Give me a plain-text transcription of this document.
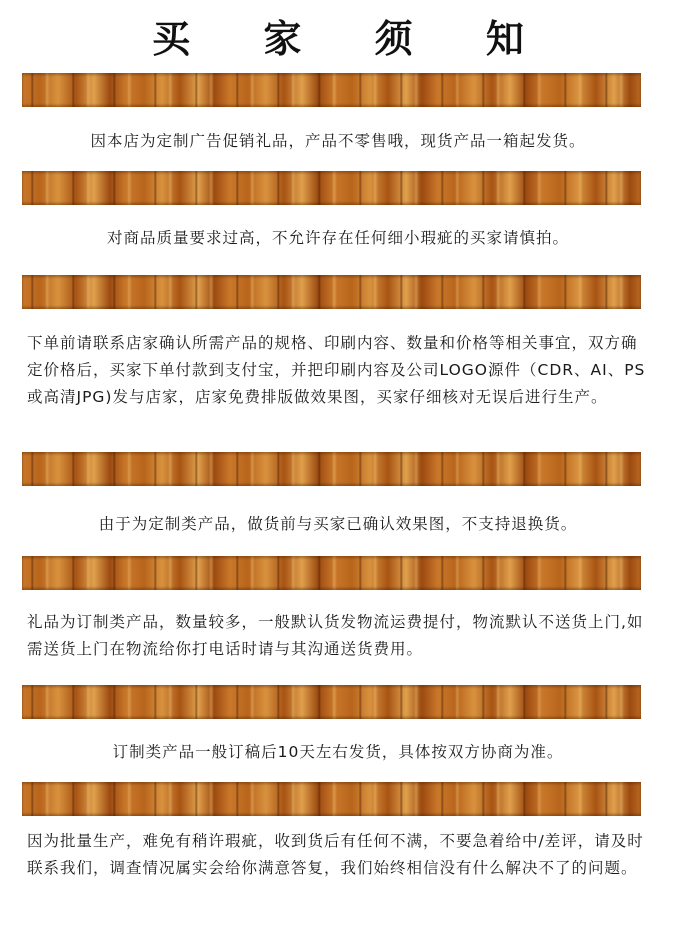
买 家 须 知
因本店为定制广告促销礼品，产品不零售哦，现货产品一箱起发货。
对商品质量要求过高，不允许存在任何细小瑕疵的买家请慎拍。
下单前请联系店家确认所需产品的规格、印刷内容、数量和价格等相关事宜，双方确定价格后，买家下单付款到支付宝，并把印刷内容及公司LOGO源件（CDR、AI、PS或高清JPG)发与店家，店家免费排版做效果图，买家仔细核对无误后进行生产。
由于为定制类产品，做货前与买家已确认效果图，不支持退换货。
礼品为订制类产品，数量较多，一般默认货发物流运费提付，物流默认不送货上门,如需送货上门在物流给你打电话时请与其沟通送货费用。
订制类产品一般订稿后10天左右发货，具体按双方协商为准。
因为批量生产，难免有稍许瑕疵，收到货后有任何不满，不要急着给中/差评，请及时联系我们，调查情况属实会给你满意答复，我们始终相信没有什么解决不了的问题。
